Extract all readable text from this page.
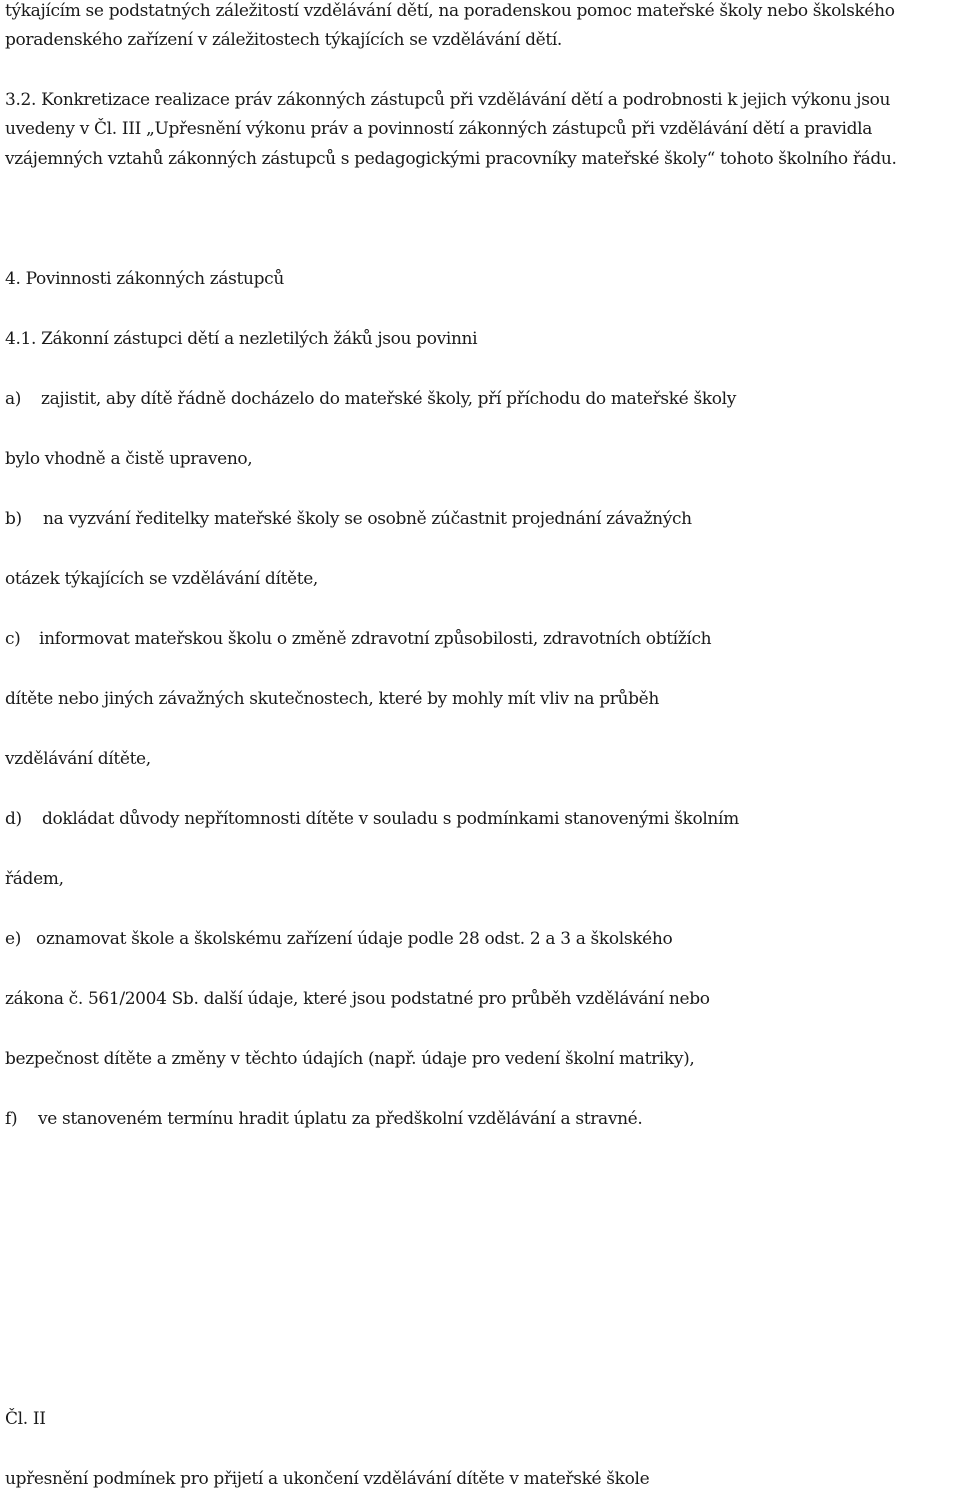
týkajícím se podstatných záležitostí vzdělávání dětí, na poradenskou pomoc mateřské školy nebo školského
poradenského zařízení v záležitostech týkajících se vzdělávání dětí.
3.2. Konkretizace realizace práv zákonných zástupců při vzdělávání dětí a podrobnosti k jejich výkonu jsou
uvedeny v Čl. III „Upřesnění výkonu práv a povinností zákonných zástupců při vzdělávání dětí a pravidla
vzájemných vztahů zákonných zástupců s pedagogickými pracovníky mateřské školy“ tohoto školního řádu.
4. Povinnosti zákonných zástupců
4.1. Zákonní zástupci dětí a nezletilých žáků jsou povinni
a) zajistit, aby dítě řádně docházelo do mateřské školy, pří příchodu do mateřské školy
bylo vhodně a čistě upraveno,
b) na vyzvání ředitelky mateřské školy se osobně zúčastnit projednání závažných
otázek týkajících se vzdělávání dítěte,
c) informovat mateřskou školu o změně zdravotní způsobilosti, zdravotních obtížích
dítěte nebo jiných závažných skutečnostech, které by mohly mít vliv na průběh
vzdělávání dítěte,
d) dokládat důvody nepřítomnosti dítěte v souladu s podmínkami stanovenými školním
řádem,
e) oznamovat škole a školskému zařízení údaje podle 28 odst. 2 a 3 a školského
zákona č. 561/2004 Sb. další údaje, které jsou podstatné pro průběh vzdělávání nebo
bezpečnost dítěte a změny v těchto údajích (např. údaje pro vedení školní matriky),
f) ve stanoveném termínu hradit úplatu za předškolní vzdělávání a stravné.
Čl. II
upřesnění podmínek pro přijetí a ukončení vzdělávání dítěte v mateřské škole
